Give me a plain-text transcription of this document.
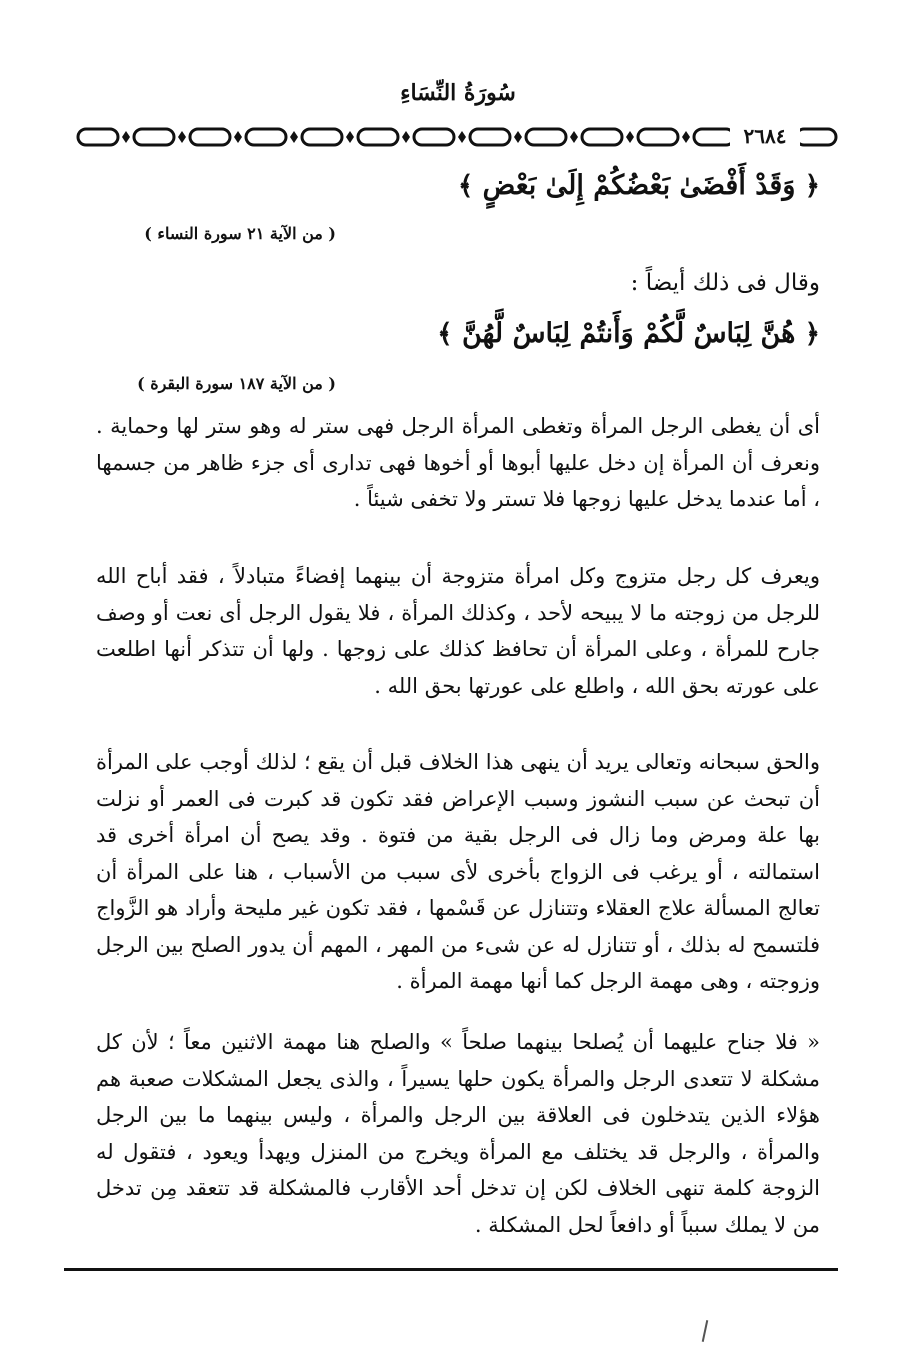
سُورَةُ النِّسَاءِ
٢٦٨٤
﴿ وَقَدْ أَفْضَىٰ بَعْضُكُمْ إِلَىٰ بَعْضٍ ﴾
( من الآية ٢١ سورة النساء )
وقال فى ذلك أيضاً :
﴿ هُنَّ لِبَاسٌ لَّكُمْ وَأَنتُمْ لِبَاسٌ لَّهُنَّ ﴾
( من الآية ١٨٧ سورة البقرة )

أى أن يغطى الرجل المرأة وتغطى المرأة الرجل فهى ستر له وهو ستر لها وحماية . ونعرف أن المرأة إن دخل عليها أبوها أو أخوها فهى تدارى أى جزء ظاهر من جسمها ، أما عندما يدخل عليها زوجها فلا تستر ولا تخفى شيئاً .

ويعرف كل رجل متزوج وكل امرأة متزوجة أن بينهما إفضاءً متبادلاً ، فقد أباح الله للرجل من زوجته ما لا يبيحه لأحد ، وكذلك المرأة ، فلا يقول الرجل أى نعت أو وصف جارح للمرأة ، وعلى المرأة أن تحافظ كذلك على زوجها . ولها أن تتذكر أنها اطلعت على عورته بحق الله ، واطلع على عورتها بحق الله .

والحق سبحانه وتعالى يريد أن ينهى هذا الخلاف قبل أن يقع ؛ لذلك أوجب على المرأة أن تبحث عن سبب النشوز وسبب الإعراض فقد تكون قد كبرت فى العمر أو نزلت بها علة ومرض وما زال فى الرجل بقية من فتوة . وقد يصح أن امرأة أخرى قد استمالته ، أو يرغب فى الزواج بأخرى لأى سبب من الأسباب ، هنا على المرأة أن تعالج المسألة علاج العقلاء وتتنازل عن قَسْمها ، فقد تكون غير مليحة وأراد هو الزَّواج فلتسمح له بذلك ، أو تتنازل له عن شىء من المهر ، المهم أن يدور الصلح بين الرجل وزوجته ، وهى مهمة الرجل كما أنها مهمة المرأة .

« فلا جناح عليهما أن يُصلحا بينهما صلحاً » والصلح هنا مهمة الاثنين معاً ؛ لأن كل مشكلة لا تتعدى الرجل والمرأة يكون حلها يسيراً ، والذى يجعل المشكلات صعبة هم هؤلاء الذين يتدخلون فى العلاقة بين الرجل والمرأة ، وليس بينهما ما بين الرجل والمرأة ، والرجل قد يختلف مع المرأة ويخرج من المنزل ويهدأ ويعود ، فتقول له الزوجة كلمة تنهى الخلاف لكن إن تدخل أحد الأقارب فالمشكلة قد تتعقد مِن تدخل من لا يملك سبباً أو دافعاً لحل المشكلة .
